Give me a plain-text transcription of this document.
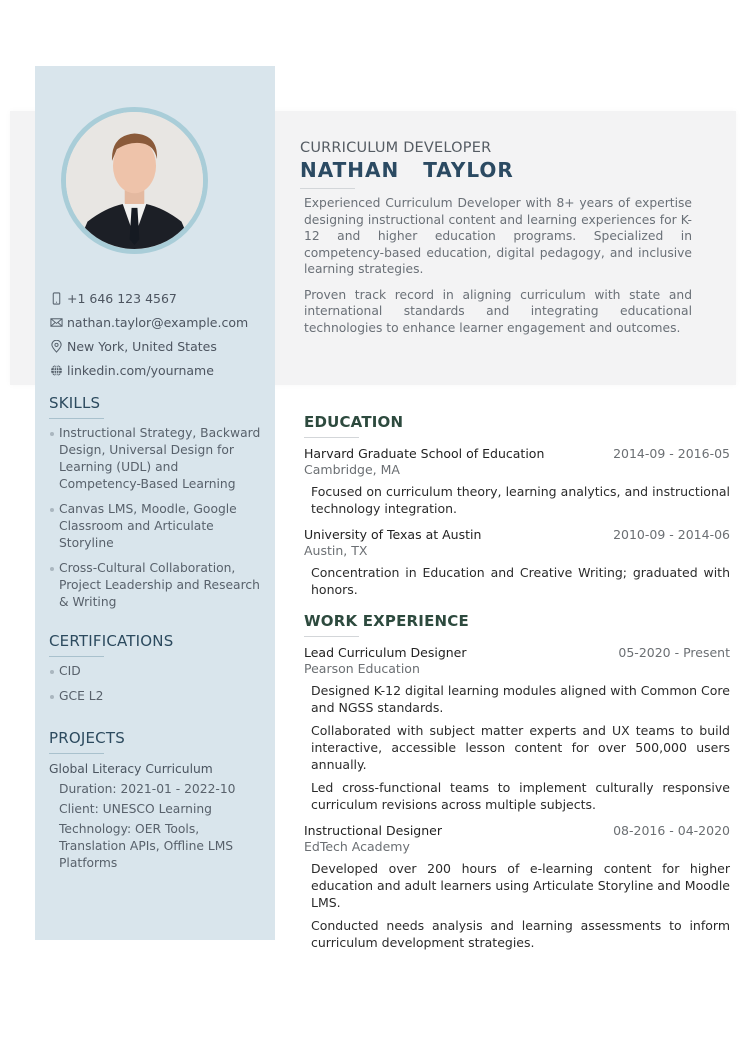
+1 646 123 4567
nathan.taylor@example.com
New York, United States
linkedin.com/yourname
SKILLS
Instructional Strategy, Backward Design, Universal Design for Learning (UDL) and Competency-Based Learning
Canvas LMS, Moodle, Google Classroom and Articulate Storyline
Cross-Cultural Collaboration, Project Leadership and Research & Writing
CERTIFICATIONS
CID
GCE L2
PROJECTS
Global Literacy Curriculum
Duration: 2021-01 - 2022-10
Client: UNESCO Learning
Technology: OER Tools, Translation APIs, Offline LMS Platforms
CURRICULUM DEVELOPER
NATHAN  TAYLOR

Experienced Curriculum Developer with 8+ years of expertise designing instructional content and learning experiences for K-12 and higher education programs. Specialized in competency-based education, digital pedagogy, and inclusive learning strategies.

Proven track record in aligning curriculum with state and international standards and integrating educational technologies to enhance learner engagement and outcomes.

EDUCATION
Harvard Graduate School of Education	2014-09 - 2016-05
Cambridge, MA
Focused on curriculum theory, learning analytics, and instructional technology integration.
University of Texas at Austin	2010-09 - 2014-06
Austin, TX
Concentration in Education and Creative Writing; graduated with honors.
WORK EXPERIENCE
Lead Curriculum Designer	05-2020 - Present
Pearson Education
Designed K-12 digital learning modules aligned with Common Core and NGSS standards.
Collaborated with subject matter experts and UX teams to build interactive, accessible lesson content for over 500,000 users annually.
Led cross-functional teams to implement culturally responsive curriculum revisions across multiple subjects.
Instructional Designer	08-2016 - 04-2020
EdTech Academy
Developed over 200 hours of e-learning content for higher education and adult learners using Articulate Storyline and Moodle LMS.
Conducted needs analysis and learning assessments to inform curriculum development strategies.
